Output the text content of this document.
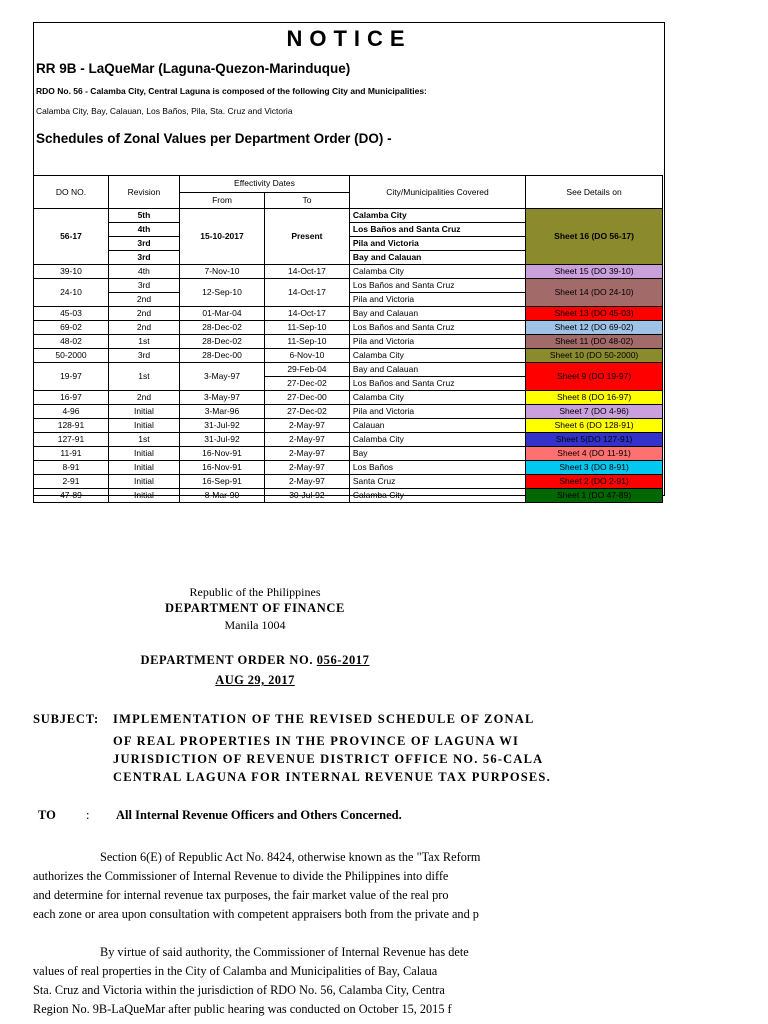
NOTICE
RR 9B - LaQueMar (Laguna-Quezon-Marinduque)
RDO No. 56 - Calamba City, Central Laguna is composed of the following City and Municipalities:
Calamba City, Bay, Calauan, Los Baños, Pila, Sta. Cruz and Victoria
Schedules of Zonal Values per Department Order (DO) -
DO NO.	Revision	Effectivity Dates		City/Municipalities Covered	See Details on
		From	To		
56-17	5th	15-10-2017	Present	Calamba City	Sheet 16 (DO 56-17)
	4th			Los Baños and Santa Cruz	
	3rd			Pila and Victoria	
	3rd			Bay and Calauan	
39-10	4th	7-Nov-10	14-Oct-17	Calamba City	Sheet 15 (DO 39-10)
24-10	3rd	12-Sep-10	14-Oct-17	Los Baños and Santa Cruz	Sheet 14 (DO 24-10)
	2nd			Pila and Victoria	
45-03	2nd	01-Mar-04	14-Oct-17	Bay and Calauan	Sheet 13 (DO 45-03)
69-02	2nd	28-Dec-02	11-Sep-10	Los Baños and Santa Cruz	Sheet 12 (DO 69-02)
48-02	1st	28-Dec-02	11-Sep-10	Pila and Victoria	Sheet 11 (DO 48-02)
50-2000	3rd	28-Dec-00	6-Nov-10	Calamba City	Sheet 10 (DO 50-2000)
19-97	1st	3-May-97	29-Feb-04	Bay and Calauan	Sheet 9 (DO 19-97)
			27-Dec-02	Los Baños and Santa Cruz	
16-97	2nd	3-May-97	27-Dec-00	Calamba City	Sheet 8 (DO 16-97)
4-96	Initial	3-Mar-96	27-Dec-02	Pila and Victoria	Sheet 7 (DO 4-96)
128-91	Initial	31-Jul-92	2-May-97	Calauan	Sheet 6 (DO 128-91)
127-91	1st	31-Jul-92	2-May-97	Calamba City	Sheet 5(DO 127-91)
11-91	Initial	16-Nov-91	2-May-97	Bay	Sheet 4 (DO 11-91)
8-91	Initial	16-Nov-91	2-May-97	Los Baños	Sheet 3 (DO 8-91)
2-91	Initial	16-Sep-91	2-May-97	Santa Cruz	Sheet 2 (DO 2-91)
47-89	Initial	8-Mar-90	30-Jul-92	Calamba City	Sheet 1 (DO 47-89)
Republic of the Philippines
DEPARTMENT OF FINANCE
Manila 1004
DEPARTMENT ORDER NO. 056-2017
AUG 29, 2017
SUBJECT: IMPLEMENTATION OF THE REVISED SCHEDULE OF ZONAL
OF REAL PROPERTIES IN THE PROVINCE OF LAGUNA WI
JURISDICTION OF REVENUE DISTRICT OFFICE NO. 56-CALA
CENTRAL LAGUNA FOR INTERNAL REVENUE TAX PURPOSES.
TO : All Internal Revenue Officers and Others Concerned.
Section 6(E) of Republic Act No. 8424, otherwise known as the "Tax Reform
authorizes the Commissioner of Internal Revenue to divide the Philippines into diffe
and determine for internal revenue tax purposes, the fair market value of the real pro
each zone or area upon consultation with competent appraisers both from the private and p
By virtue of said authority, the Commissioner of Internal Revenue has dete
values of real properties in the City of Calamba and Municipalities of Bay, Calaua
Sta. Cruz and Victoria within the jurisdiction of RDO No. 56, Calamba City, Centra
Region No. 9B-LaQueMar after public hearing was conducted on October 15, 2015 f
